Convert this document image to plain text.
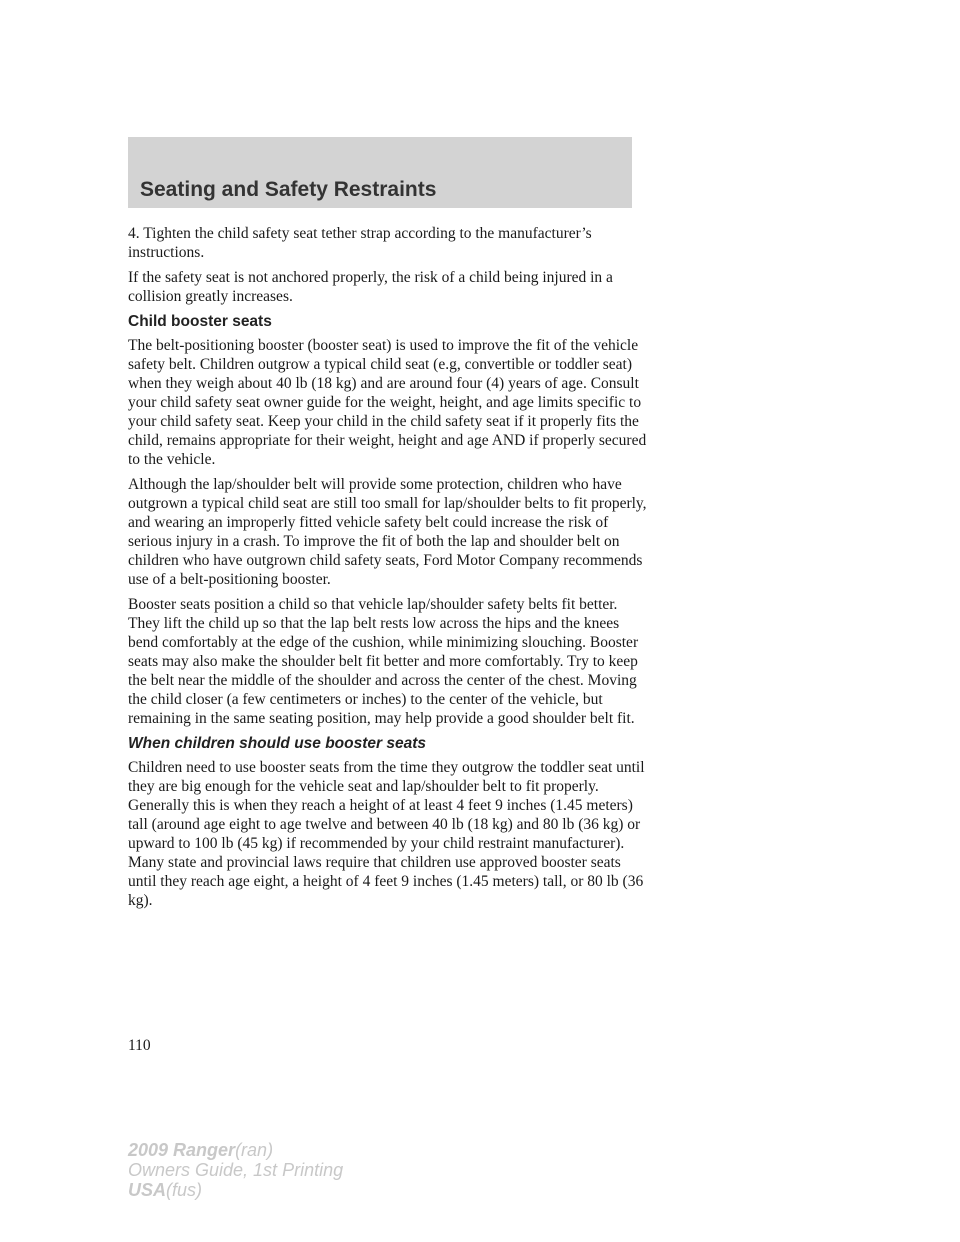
Seating and Safety Restraints

4. Tighten the child safety seat tether strap according to the manufacturer’s instructions.

If the safety seat is not anchored properly, the risk of a child being injured in a collision greatly increases.

Child booster seats

The belt-positioning booster (booster seat) is used to improve the fit of the vehicle safety belt. Children outgrow a typical child seat (e.g, convertible or toddler seat) when they weigh about 40 lb (18 kg) and are around four (4) years of age. Consult your child safety seat owner guide for the weight, height, and age limits specific to your child safety seat. Keep your child in the child safety seat if it properly fits the child, remains appropriate for their weight, height and age AND if properly secured to the vehicle.

Although the lap/shoulder belt will provide some protection, children who have outgrown a typical child seat are still too small for lap/shoulder belts to fit properly, and wearing an improperly fitted vehicle safety belt could increase the risk of serious injury in a crash. To improve the fit of both the lap and shoulder belt on children who have outgrown child safety seats, Ford Motor Company recommends use of a belt-positioning booster.

Booster seats position a child so that vehicle lap/shoulder safety belts fit better. They lift the child up so that the lap belt rests low across the hips and the knees bend comfortably at the edge of the cushion, while minimizing slouching. Booster seats may also make the shoulder belt fit better and more comfortably. Try to keep the belt near the middle of the shoulder and across the center of the chest. Moving the child closer (a few centimeters or inches) to the center of the vehicle, but remaining in the same seating position, may help provide a good shoulder belt fit.

When children should use booster seats

Children need to use booster seats from the time they outgrow the toddler seat until they are big enough for the vehicle seat and lap/shoulder belt to fit properly. Generally this is when they reach a height of at least 4 feet 9 inches (1.45 meters) tall (around age eight to age twelve and between 40 lb (18 kg) and 80 lb (36 kg) or upward to 100 lb (45 kg) if recommended by your child restraint manufacturer). Many state and provincial laws require that children use approved booster seats until they reach age eight, a height of 4 feet 9 inches (1.45 meters) tall, or 80 lb (36 kg).

110
2009 Ranger(ran)
Owners Guide, 1st Printing
USA(fus)
